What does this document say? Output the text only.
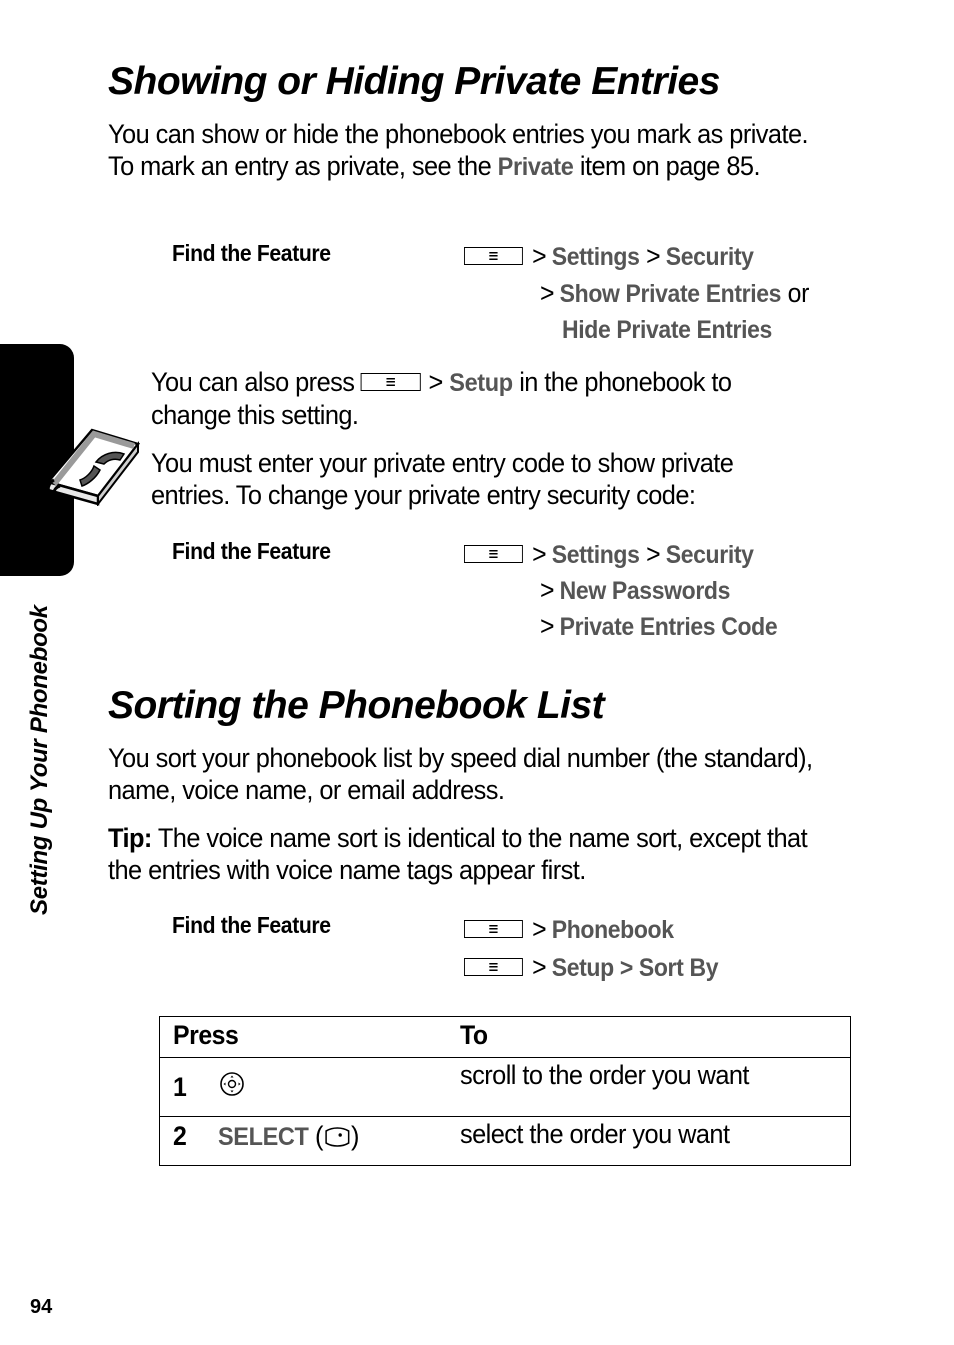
Setting Up Your Phonebook
Showing or Hiding Private Entries

You can show or hide the phonebook entries you mark as private. To mark an entry as private, see the Private item on page 85.

Find the Feature	> Settings > Security
> Show Private Entries or
Hide Private Entries

You can also press	> Setup in the phonebook to change this setting.

You must enter your private entry code to show private entries. To change your private entry security code:

Find the Feature	> Settings > Security
> New Passwords
> Private Entries Code
Sorting the Phonebook List

You sort your phonebook list by speed dial number (the standard), name, voice name, or email address.

Tip: The voice name sort is identical to the name sort, except that the entries with voice name tags appear first.

Find the Feature	> Phonebook
> Setup > Sort By
Press	To
1	scroll to the order you want
2 SELECT ( )	select the order you want
94
